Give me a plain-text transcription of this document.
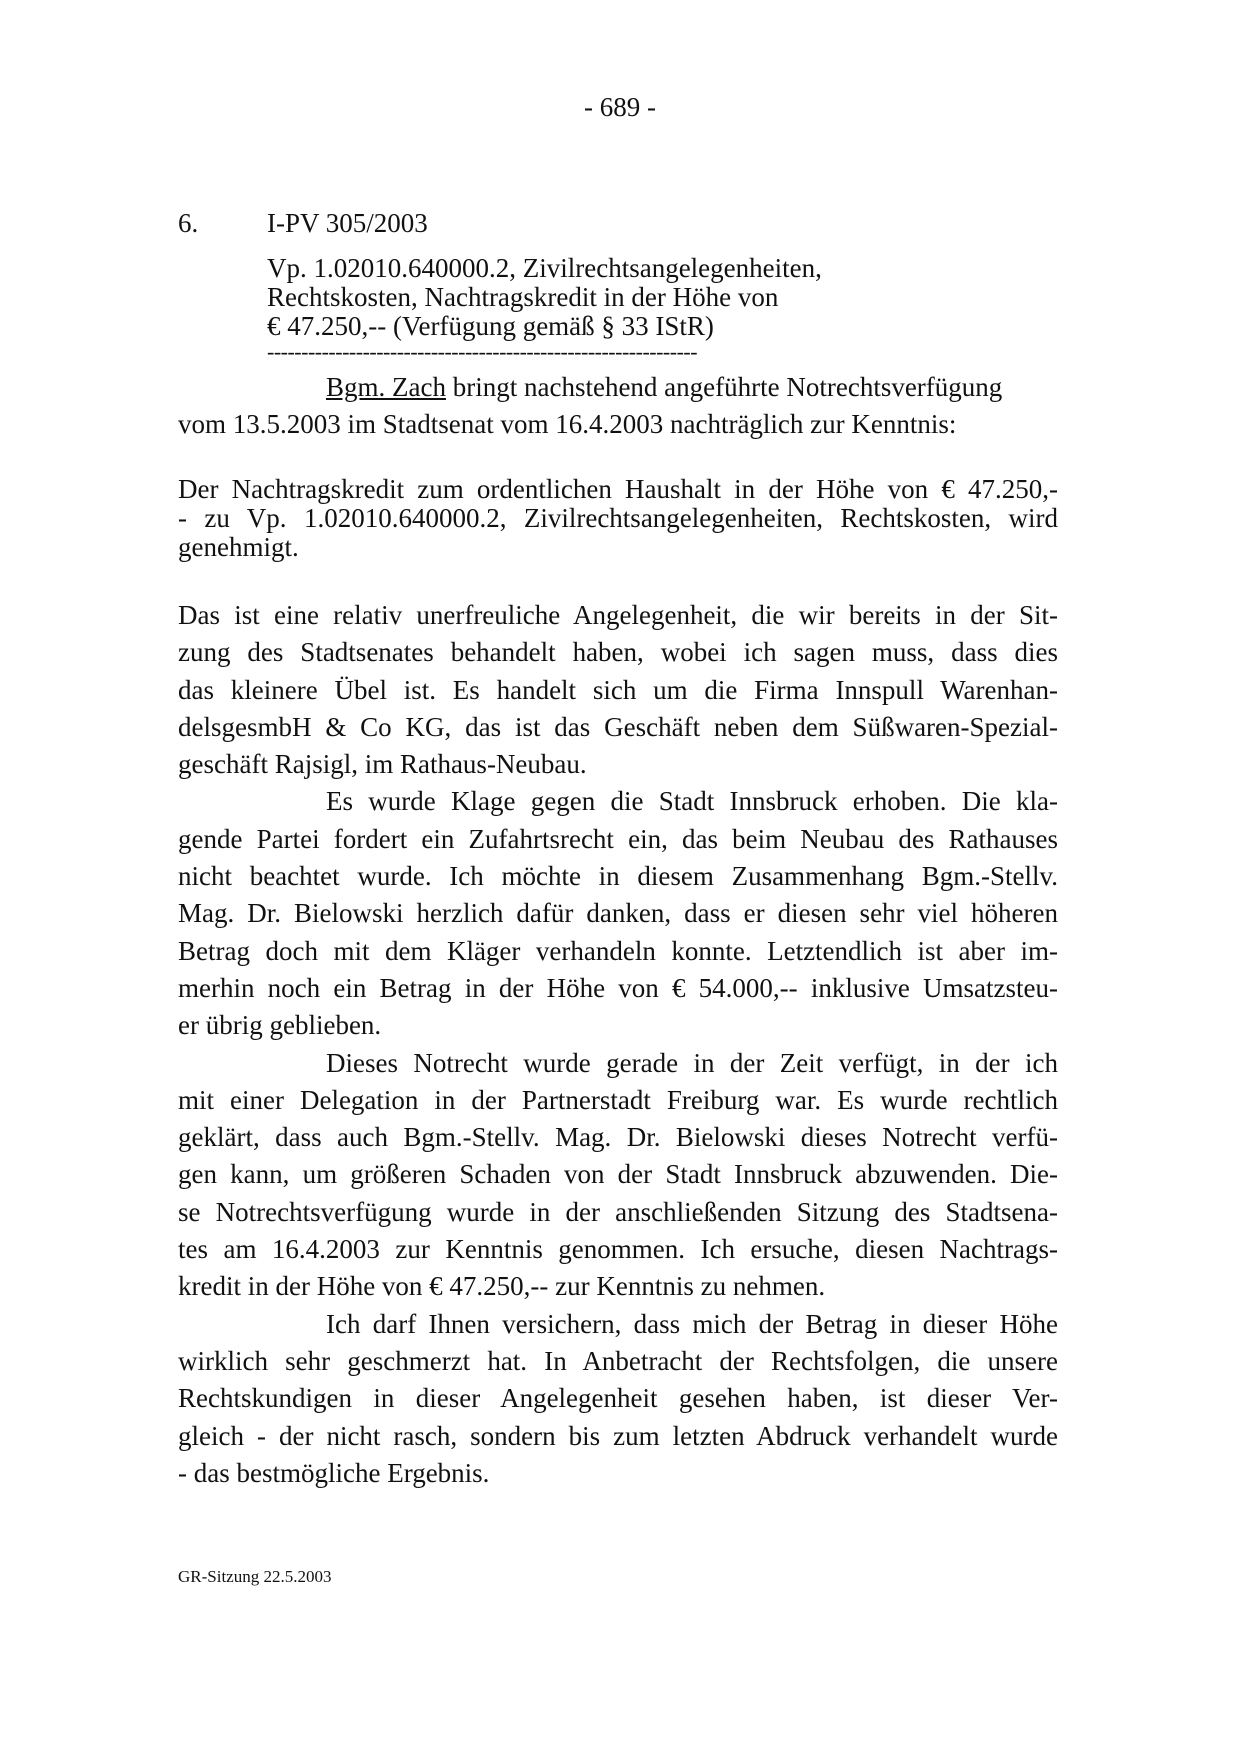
- 689 -
6.	I-PV 305/2003
Vp. 1.02010.640000.2, Zivilrechtsangelegenheiten,
Rechtskosten, Nachtragskredit in der Höhe von
€ 47.250,-- (Verfügung gemäß § 33 IStR)
---------------------------------------------------------------
Bgm. Zach bringt nachstehend angeführte Notrechtsverfügung
vom 13.5.2003 im Stadtsenat vom 16.4.2003 nachträglich zur Kenntnis:
Der Nachtragskredit zum ordentlichen Haushalt in der Höhe von € 47.250,-
- zu Vp. 1.02010.640000.2, Zivilrechtsangelegenheiten, Rechtskosten, wird
genehmigt.
Das ist eine relativ unerfreuliche Angelegenheit, die wir bereits in der Sit-
zung des Stadtsenates behandelt haben, wobei ich sagen muss, dass dies
das kleinere Übel ist. Es handelt sich um die Firma Innspull Warenhan-
delsgesmbH & Co KG, das ist das Geschäft neben dem Süßwaren-Spezial-
geschäft Rajsigl, im Rathaus-Neubau.
Es wurde Klage gegen die Stadt Innsbruck erhoben. Die kla-
gende Partei fordert ein Zufahrtsrecht ein, das beim Neubau des Rathauses
nicht beachtet wurde. Ich möchte in diesem Zusammenhang Bgm.-Stellv.
Mag. Dr. Bielowski herzlich dafür danken, dass er diesen sehr viel höheren
Betrag doch mit dem Kläger verhandeln konnte. Letztendlich ist aber im-
merhin noch ein Betrag in der Höhe von € 54.000,-- inklusive Umsatzsteu-
er übrig geblieben.
Dieses Notrecht wurde gerade in der Zeit verfügt, in der ich
mit einer Delegation in der Partnerstadt Freiburg war. Es wurde rechtlich
geklärt, dass auch Bgm.-Stellv. Mag. Dr. Bielowski dieses Notrecht verfü-
gen kann, um größeren Schaden von der Stadt Innsbruck abzuwenden. Die-
se Notrechtsverfügung wurde in der anschließenden Sitzung des Stadtsena-
tes am 16.4.2003 zur Kenntnis genommen. Ich ersuche, diesen Nachtrags-
kredit in der Höhe von € 47.250,-- zur Kenntnis zu nehmen.
Ich darf Ihnen versichern, dass mich der Betrag in dieser Höhe
wirklich sehr geschmerzt hat. In Anbetracht der Rechtsfolgen, die unsere
Rechtskundigen in dieser Angelegenheit gesehen haben, ist dieser Ver-
gleich - der nicht rasch, sondern bis zum letzten Abdruck verhandelt wurde
- das bestmögliche Ergebnis.
GR-Sitzung 22.5.2003
